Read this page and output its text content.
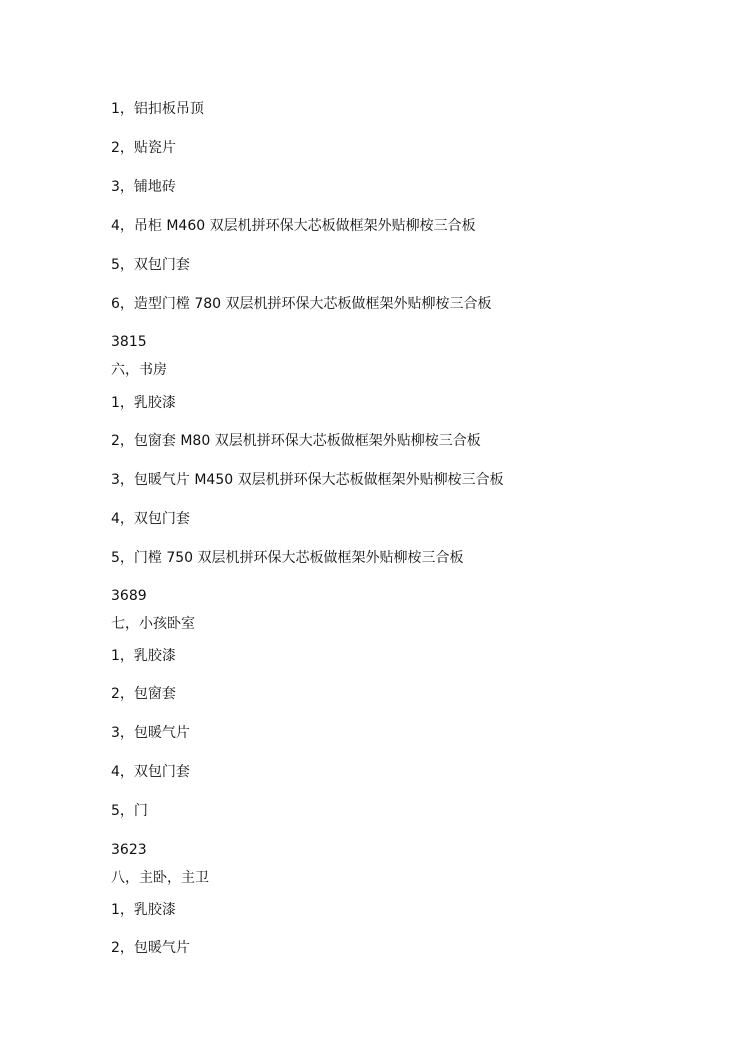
1，铝扣板吊顶
2，贴瓷片
3，铺地砖
4，吊柜 M460 双层机拼环保大芯板做框架外贴柳桉三合板
5，双包门套
6，造型门樘 780 双层机拼环保大芯板做框架外贴柳桉三合板
3815
六，书房
1，乳胶漆
2，包窗套 M80 双层机拼环保大芯板做框架外贴柳桉三合板
3，包暖气片 M450 双层机拼环保大芯板做框架外贴柳桉三合板
4，双包门套
5，门樘 750 双层机拼环保大芯板做框架外贴柳桉三合板
3689
七，小孩卧室
1，乳胶漆
2，包窗套
3，包暖气片
4，双包门套
5，门
3623
八，主卧，主卫
1，乳胶漆
2，包暖气片
